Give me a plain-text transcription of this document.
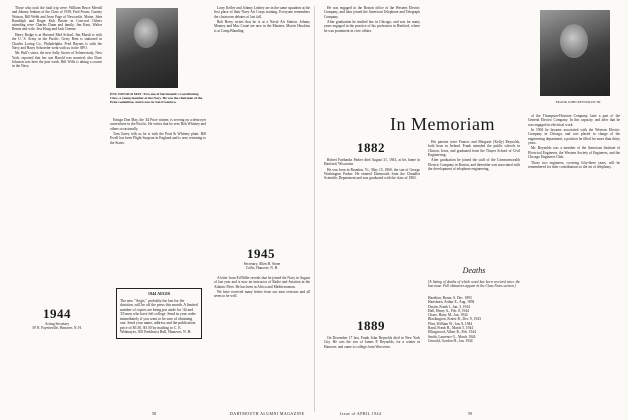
Those who took the fatal trip were: William Bruce Merrill and Johnny Jenkins of the Class of 1938, Fred Foster, Gurney Watson, Bill Webb and Jesse Page of Newcastle, Maine, John Randolph and Roger Kirk Baxter in Concord. Others attending were Charles Dunn and family, Jim Kent, Walter Bemis and wife, Jess Hoag and Jack Greene.

Harry Bodge is at Harvard Med School. Jim Marsh is with the U. S. Army in the Pacific. Gerry Bent is stationed in Charles Loring Co., Philadelphia. Fred Haynes is with the Navy and Harry Schroeder went with us in the APO.

Mr. Bull's sister, the new Sally Stover of Schenectady, New York, reported that her son Harold was married; also Dave Johnson was here the past week. Bill Wills is taking a course in the Navy.

ENS. DONALD MAY '44 is one of Dartmouth's Contributing Class, a young member of the Navy. He was the chairman of the Prize committee, and is now in San Francisco.

Ensign Don May, the '44 Prize winner, is serving on a destroyer somewhere in the Pacific. He writes that he sees Bob Whitney and others occasionally.

Tom Garey tells us he is with the Pratt & Whitney plant. Bill Ewell has been Flight Surgeon in England and is now returning to the States.

1944 AEGIS
The new "Aegis," probably the last for the duration, will be off the press this month. A limited number of copies are being put aside for '44 and '45 men who have left college. Send in your order immediately if you want to be sure of obtaining one. Send your name, address and the publication price of $5.50, $3.50 by mailing to C. E. Widmayer, 305 Parkhurst Hall, Hanover, N. H.
1944
Acting Secretary
59 N. Fayetteville, Hanover, N. H.

Larry Kelley and Johnny Leahey are in the same squadron at the first place of their Navy Air Corps training. Everyone remembers the classroom debates of last fall.

Bob Berry writes that he is at a Naval Air Station. Johnny Meaney and Mac Crane are now in the Marines. Mortie Hawkins is at Camp Blanding.

1945
Secretary, Allen H. Stone
Collis, Hanover, N. H.

A letter from Ed Biller reveals that he joined the Navy in August of last year and is now an instructor of Radio and Aviation in the Atlantic Fleet. He has been in Africa and Mediterranean.

We have received many letters from our men overseas and all seem to be well.

58	DARTMOUTH ALUMNI MAGAZINE

He was engaged in the Boston office of the Western Electric Company, and later joined the American Telephone and Telegraph Company.

After graduation he studied law in Chicago, and was for many years engaged in the practice of his profession in Hartford, where he was prominent in civic affairs.

FRANK JOHN REYNOLDS '89
In Memoriam
1882

Robert Fairbanks Parker died August 31, 1943, at his home in Hartford, Wisconsin.

He was born in Brandon, Vt., May 15, 1860, the son of George Washington Parker. He entered Dartmouth from the Chandler Scientific Department and was graduated with the class of 1882.

1889

On December 17 last, Frank John Reynolds died in New York City. He was the son of James P. Reynolds, for a winter in Hanover, and came to college from Worcester.

His parents were Francis and Margaret (Kelly) Reynolds, both born in Ireland. Frank attended the public schools in Clinton, Iowa, and graduated from the Thayer School of Civil Engineering.

After graduation he joined the staff of the Commonwealth Electric Company in Boston, and thereafter was associated with the development of telephone engineering.

Deaths
[A listing of deaths of which word has been received since the last issue. Full obituaries appear in the Class Notes section.]
Hazelton, Rome, S. Dec. 1893
Hartshorn, Arthur E., Aug. 1894
Dustin, Frank I., Jan. 3, 1944
Hall, Henry A., Feb. 8, 1944
Chase, Harry M., Jan. 1944
Blackington, Ernest B., Dec. 9, 1943
Flint, William W., Jan. 8, 1944
Rand, Frank H., March 5, 1944
Ellingwood, Albert R., Feb. 1944
Smith, Laurence G., March 1944
Gerould, Gordon H., Jan. 1944

of the Thompson-Houston Company, later a part of the General Electric Company. In this capacity, and after that he was engaged in electrical work.

In 1904 he became associated with the Western Electric Company in Chicago, and was placed in charge of the engineering department, a position he filled for more than thirty years.

Mr. Reynolds was a member of the American Institute of Electrical Engineers, the Western Society of Engineers, and the Chicago Engineers Club.

Those two engineers, covering fifty-three years, will be remembered for their contributions to the art of telephony.

Issue of APRIL 1944	59
